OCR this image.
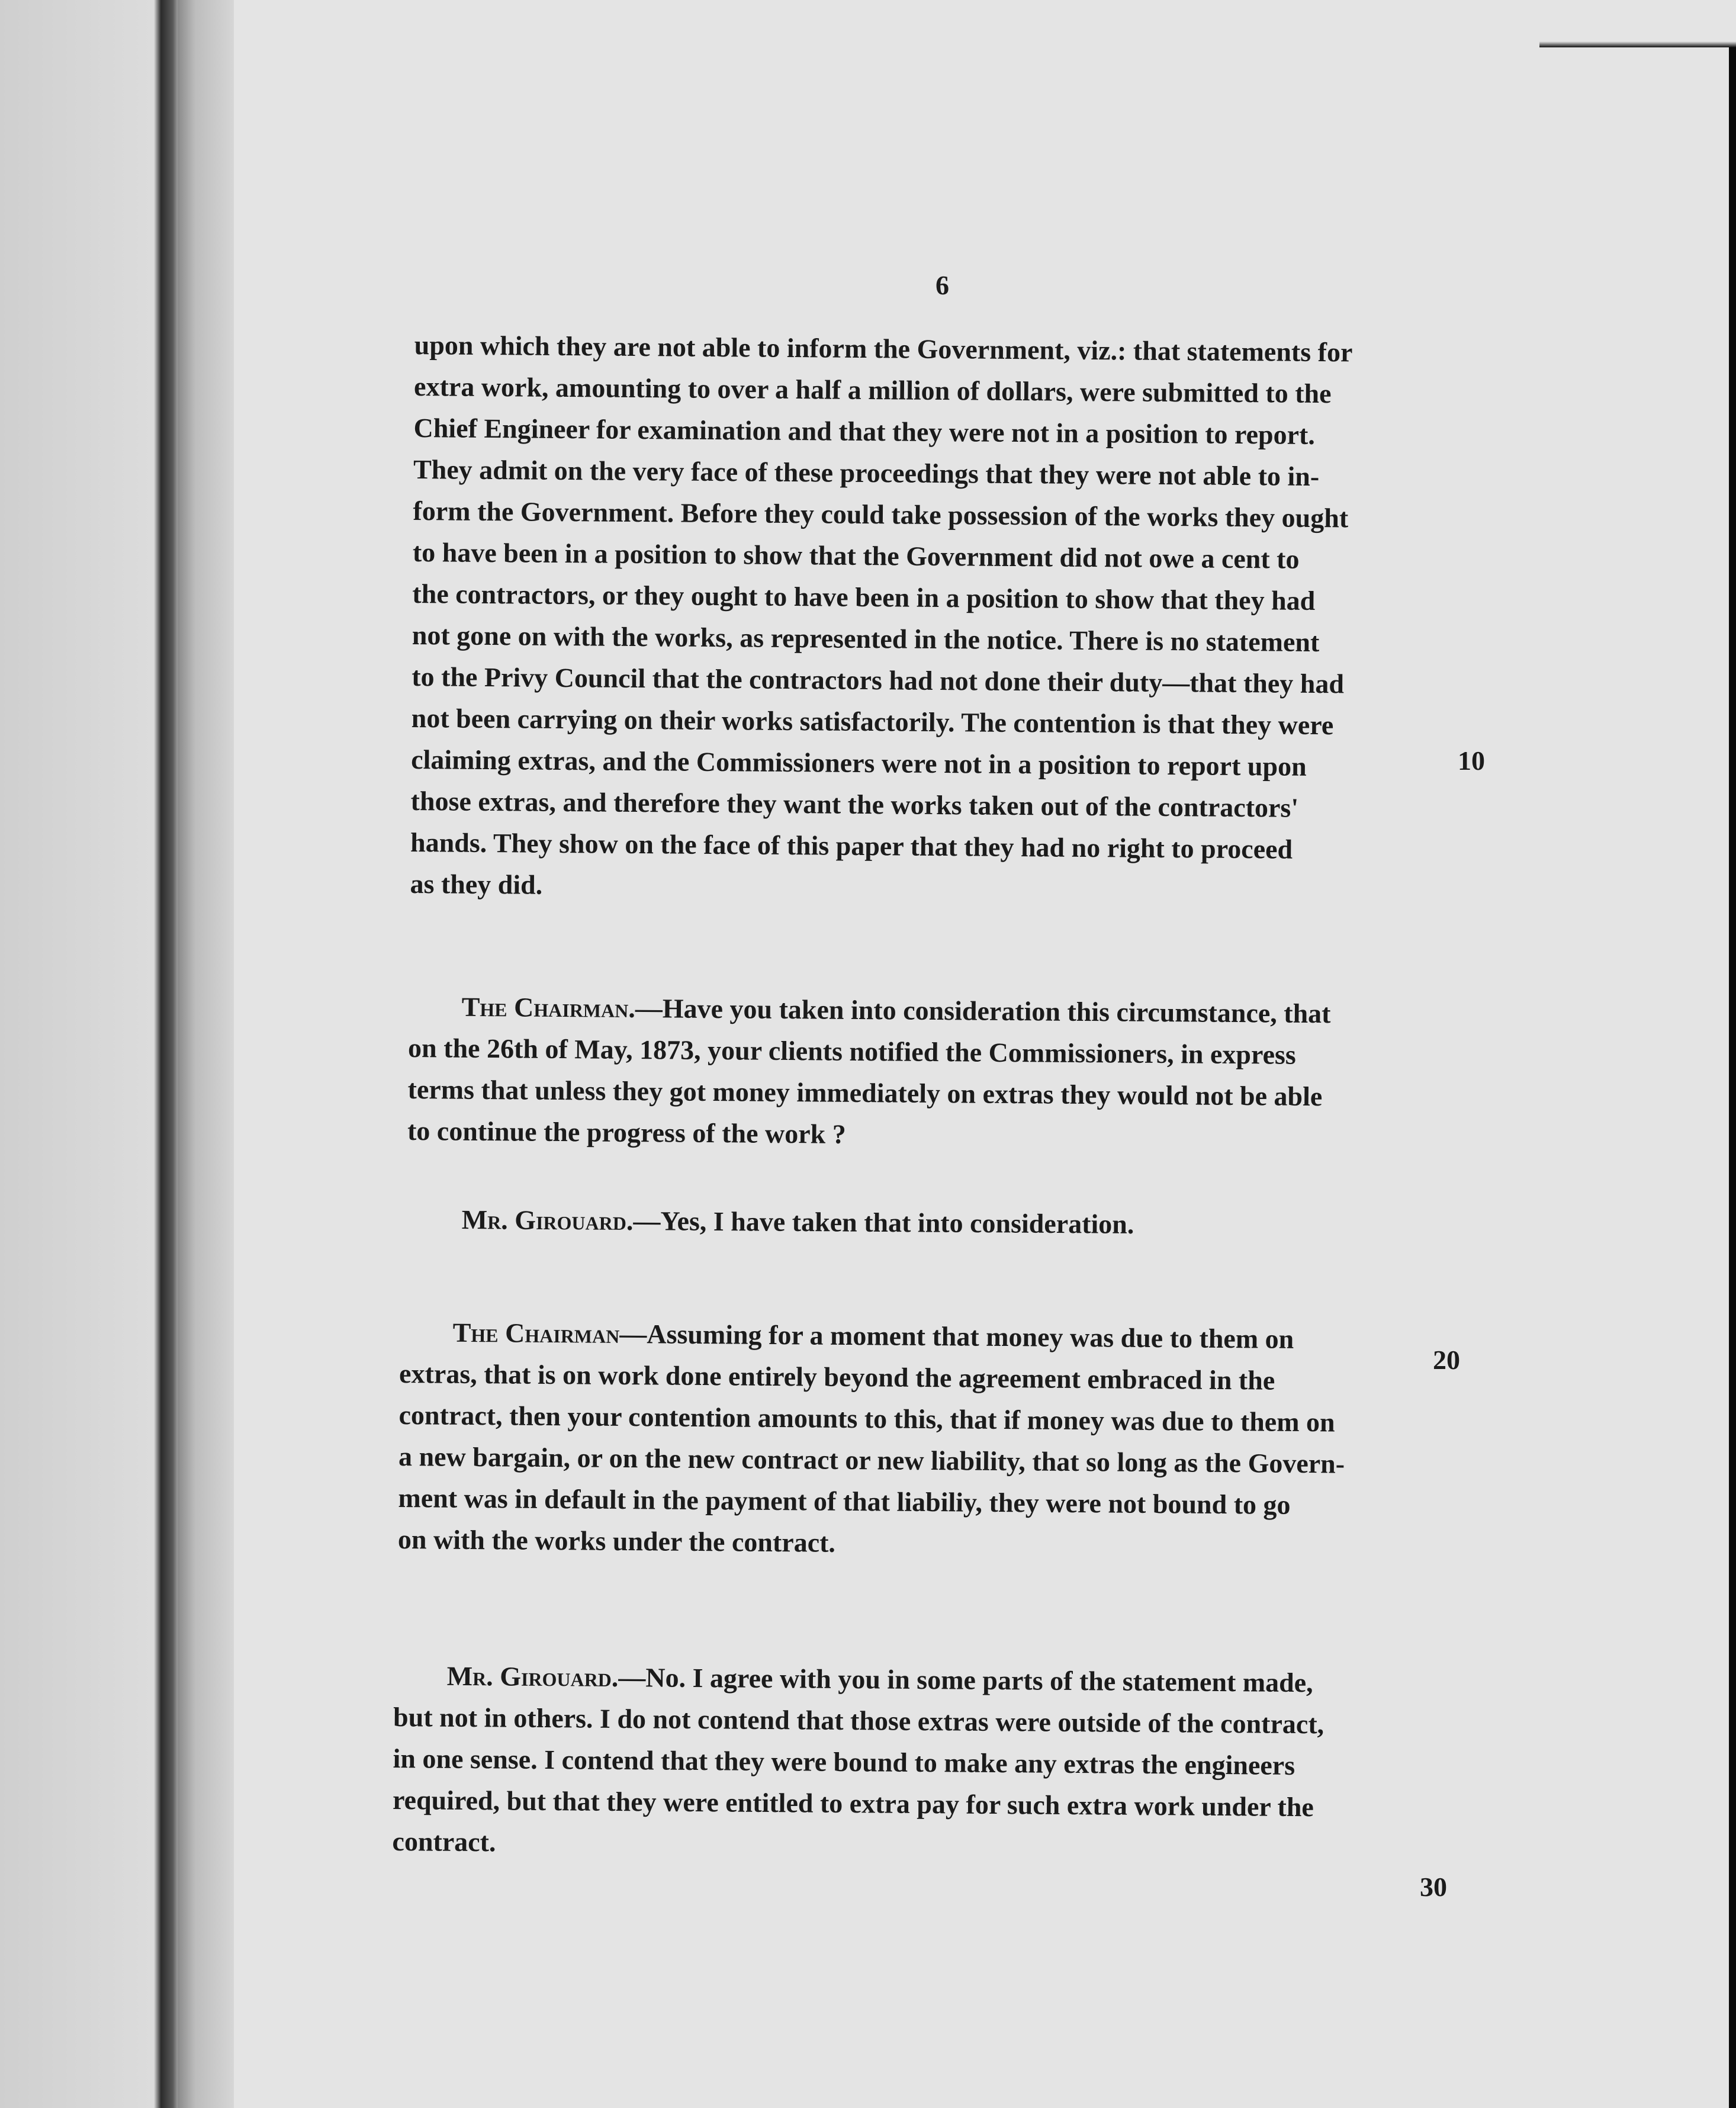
6
upon which they are not able to inform the Government, viz.: that statements for
extra work, amounting to over a half a million of dollars, were submitted to the
Chief Engineer for examination and that they were not in a position to report.
They admit on the very face of these proceedings that they were not able to in-
form the Government. Before they could take possession of the works they ought
to have been in a position to show that the Government did not owe a cent to
the contractors, or they ought to have been in a position to show that they had
not gone on with the works, as represented in the notice. There is no statement
to the Privy Council that the contractors had not done their duty—that they had
not been carrying on their works satisfactorily. The contention is that they were
claiming extras, and the Commissioners were not in a position to report upon
those extras, and therefore they want the works taken out of the contractors'
hands. They show on the face of this paper that they had no right to proceed
as they did.
The Chairman.—Have you taken into consideration this circumstance, that
on the 26th of May, 1873, your clients notified the Commissioners, in express
terms that unless they got money immediately on extras they would not be able
to continue the progress of the work ?
Mr. Girouard.—Yes, I have taken that into consideration.
The Chairman—Assuming for a moment that money was due to them on
extras, that is on work done entirely beyond the agreement embraced in the
contract, then your contention amounts to this, that if money was due to them on
a new bargain, or on the new contract or new liability, that so long as the Govern-
ment was in default in the payment of that liabiliy, they were not bound to go
on with the works under the contract.
Mr. Girouard.—No. I agree with you in some parts of the statement made,
but not in others. I do not contend that those extras were outside of the contract,
in one sense. I contend that they were bound to make any extras the engineers
required, but that they were entitled to extra pay for such extra work under the
contract.
10
20
30
